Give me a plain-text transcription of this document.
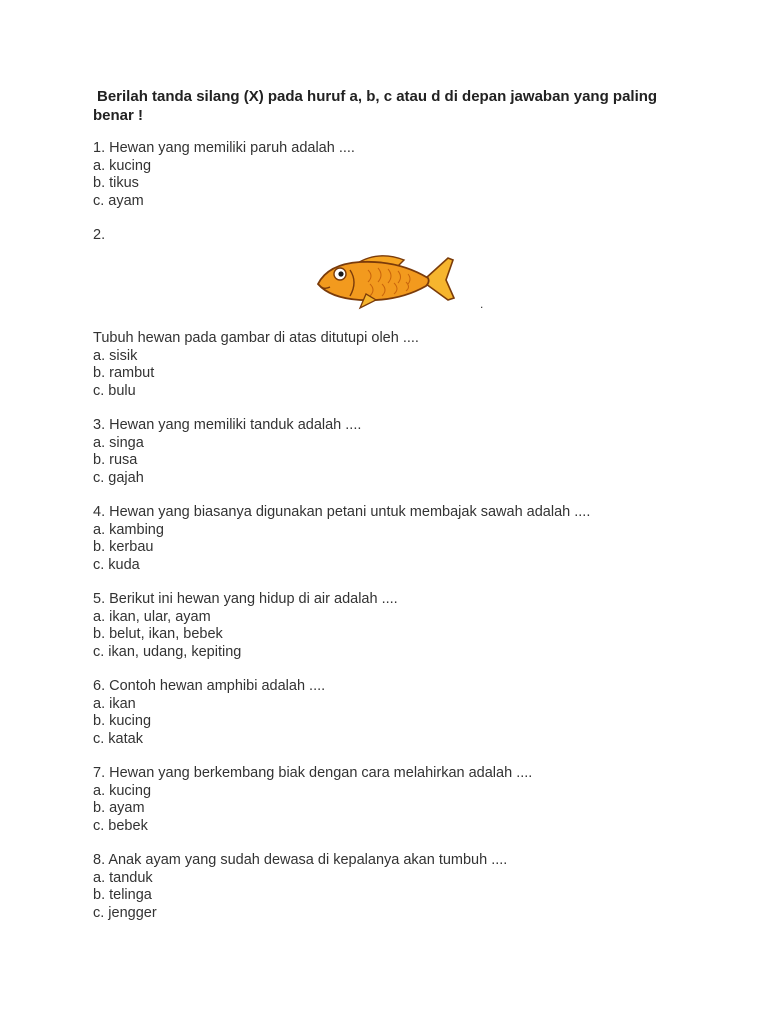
Berilah tanda silang (X) pada huruf a, b, c atau d di depan jawaban yang paling benar !

1. Hewan yang memiliki paruh adalah ....
a. kucing
b. tikus
c. ayam
2.
.
Tubuh hewan pada gambar di atas ditutupi oleh ....
a. sisik
b. rambut
c. bulu
3. Hewan yang memiliki tanduk adalah ....
a. singa
b. rusa
c. gajah
4. Hewan yang biasanya digunakan petani untuk membajak sawah adalah ....
a. kambing
b. kerbau
c. kuda
5. Berikut ini hewan yang hidup di air adalah ....
a. ikan, ular, ayam
b. belut, ikan, bebek
c. ikan, udang, kepiting
6. Contoh hewan amphibi adalah ....
a. ikan
b. kucing
c. katak
7. Hewan yang berkembang biak dengan cara melahirkan adalah ....
a. kucing
b. ayam
c. bebek
8. Anak ayam yang sudah dewasa di kepalanya akan tumbuh ....
a. tanduk
b. telinga
c. jengger
